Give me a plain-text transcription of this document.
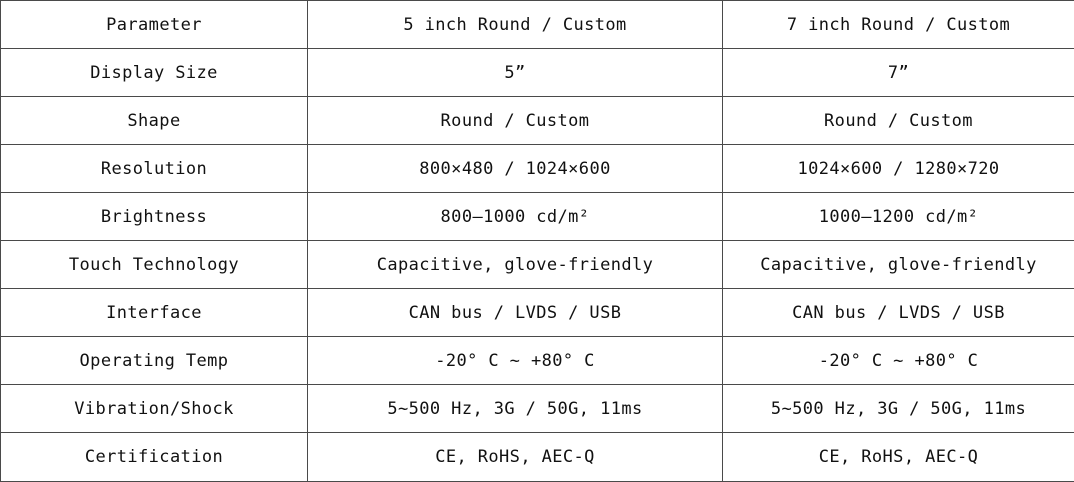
Parameter	5 inch Round / Custom	7 inch Round / Custom
Display Size	5”	7”
Shape	Round / Custom	Round / Custom
Resolution	800×480 / 1024×600	1024×600 / 1280×720
Brightness	800–1000 cd/m²	1000–1200 cd/m²
Touch Technology	Capacitive, glove-friendly	Capacitive, glove-friendly
Interface	CAN bus / LVDS / USB	CAN bus / LVDS / USB
Operating Temp	-20° C ~ +80° C	-20° C ~ +80° C
Vibration/Shock	5~500 Hz, 3G / 50G, 11ms	5~500 Hz, 3G / 50G, 11ms
Certification	CE, RoHS, AEC-Q	CE, RoHS, AEC-Q
